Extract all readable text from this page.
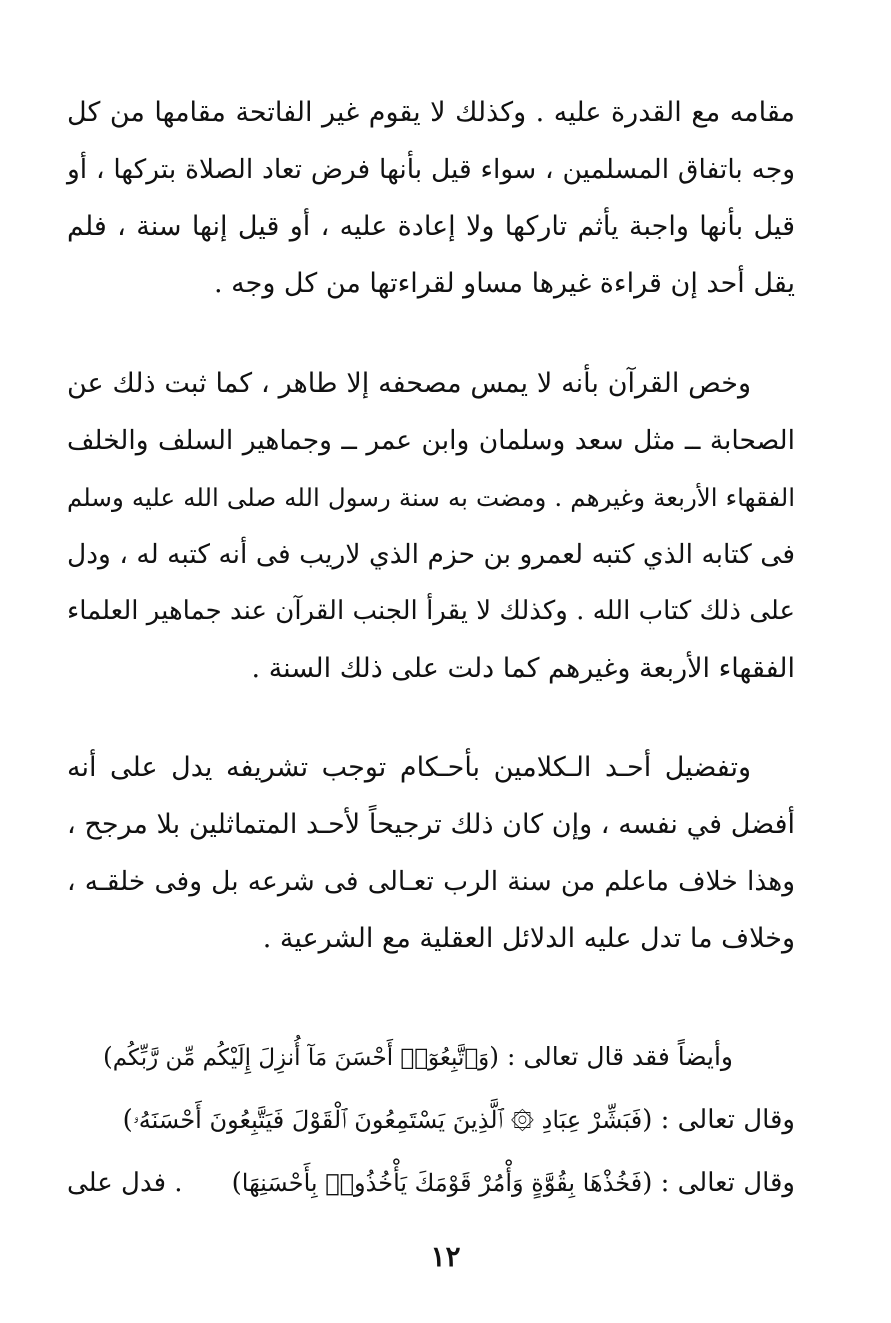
مقامه مع القدرة عليه . وكذلك لا يقوم غير الفاتحة مقامها من كل
وجه باتفاق المسلمين ، سواء قيل بأنها فرض تعاد الصلاة بتركها ، أو
قيل بأنها واجبة يأثم تاركها ولا إعادة عليه ، أو قيل إنها سنة ، فلم
يقل أحد إن قراءة غيرها مساو لقراءتها من كل وجه .
وخص القرآن بأنه لا يمس مصحفه إلا طاهر ، كما ثبت ذلك عن
الصحابة ــ مثل سعد وسلمان وابن عمر ــ وجماهير السلف والخلف
الفقهاء الأربعة وغيرهم . ومضت به سنة رسول الله صلى الله عليه وسلم
فى كتابه الذي كتبه لعمرو بن حزم الذي لاريب فى أنه كتبه له ، ودل
على ذلك كتاب الله . وكذلك لا يقرأ الجنب القرآن عند جماهير العلماء
الفقهاء الأربعة وغيرهم كما دلت على ذلك السنة .
وتفضيل أحـد الـكلامين بأحـكام توجب تشريفه يدل على أنه
أفضل في نفسه ، وإن كان ذلك ترجيحاً لأحـد المتماثلين بلا مرجح ،
وهذا خلاف ماعلم من سنة الرب تعـالى فى شرعه بل وفى خلقـه ،
وخلاف ما تدل عليه الدلائل العقلية مع الشرعية .
وأيضاً فقد قال تعالى : (
وَٱتَّبِعُوٓا۟ أَحْسَنَ مَآ أُنزِلَ إِلَيْكُم مِّن رَّبِّكُم
)
وقال تعالى : (
فَبَشِّرْ عِبَادِ ۞ ٱلَّذِينَ يَسْتَمِعُونَ ٱلْقَوْلَ فَيَتَّبِعُونَ أَحْسَنَهُۥ
)
وقال تعالى : (
فَخُذْهَا بِقُوَّةٍ وَأْمُرْ قَوْمَكَ يَأْخُذُوا۟ بِأَحْسَنِهَا
)
. فدل على
١٢
